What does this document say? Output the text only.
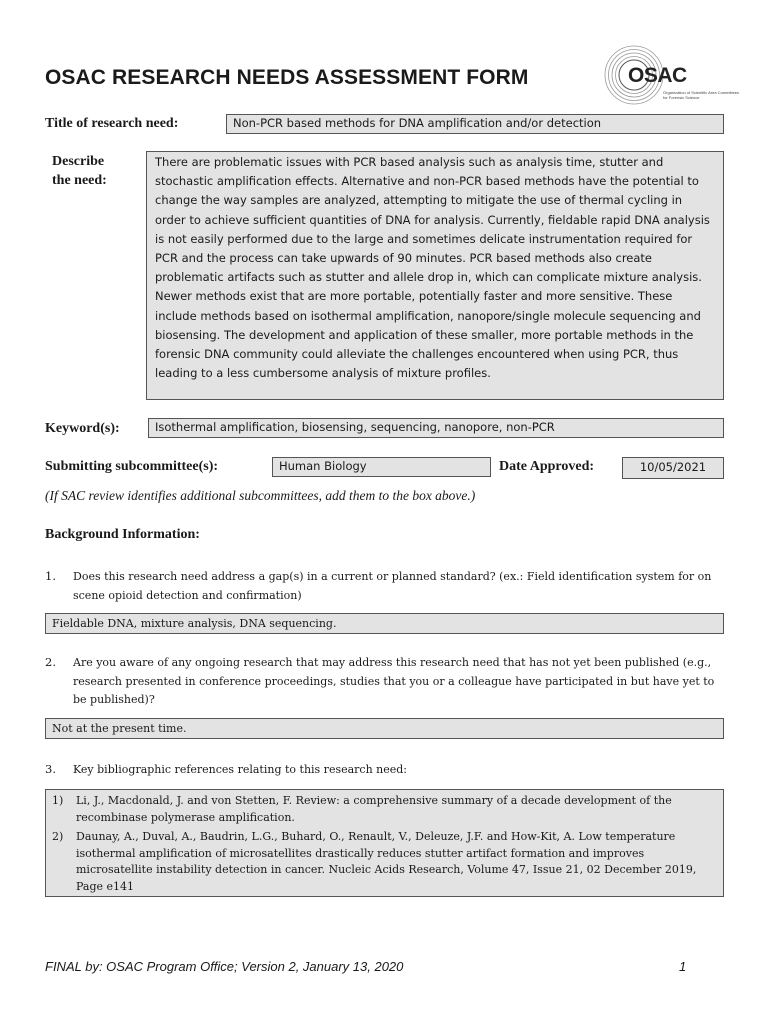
OSAC RESEARCH NEEDS ASSESSMENT FORM	OSAC
Organization of Scientific Area Committees for Forensic Science
Title of research need:	Non-PCR based methods for DNA amplification and/or detection
Describe
the need:
There are problematic issues with PCR based analysis such as analysis time, stutter and stochastic amplification effects. Alternative and non-PCR based methods have the potential to change the way samples are analyzed, attempting to mitigate the use of thermal cycling in order to achieve sufficient quantities of DNA for analysis. Currently, fieldable rapid DNA analysis is not easily performed due to the large and sometimes delicate instrumentation required for PCR and the process can take upwards of 90 minutes. PCR based methods also create problematic artifacts such as stutter and allele drop in, which can complicate mixture analysis. Newer methods exist that are more portable, potentially faster and more sensitive. These include methods based on isothermal amplification, nanopore/single molecule sequencing and biosensing. The development and application of these smaller, more portable methods in the forensic DNA community could alleviate the challenges encountered when using PCR, thus leading to a less cumbersome analysis of mixture profiles.
Keyword(s):	Isothermal amplification, biosensing, sequencing, nanopore, non-PCR
Submitting subcommittee(s):	Human Biology	Date Approved:	10/05/2021
(If SAC review identifies additional subcommittees, add them to the box above.)
Background Information:
1. Does this research need address a gap(s) in a current or planned standard? (ex.: Field identification system for on scene opioid detection and confirmation)
Fieldable DNA, mixture analysis, DNA sequencing.
2. Are you aware of any ongoing research that may address this research need that has not yet been published (e.g., research presented in conference proceedings, studies that you or a colleague have participated in but have yet to be published)?
Not at the present time.
3. Key bibliographic references relating to this research need:
1)	Li, J., Macdonald, J. and von Stetten, F. Review: a comprehensive summary of a decade development of the recombinase polymerase amplification.
2)	Daunay, A., Duval, A., Baudrin, L.G., Buhard, O., Renault, V., Deleuze, J.F. and How-Kit, A. Low temperature isothermal amplification of microsatellites drastically reduces stutter artifact formation and improves microsatellite instability detection in cancer. Nucleic Acids Research, Volume 47, Issue 21, 02 December 2019, Page e141
FINAL by: OSAC Program Office; Version 2, January 13, 2020	1
